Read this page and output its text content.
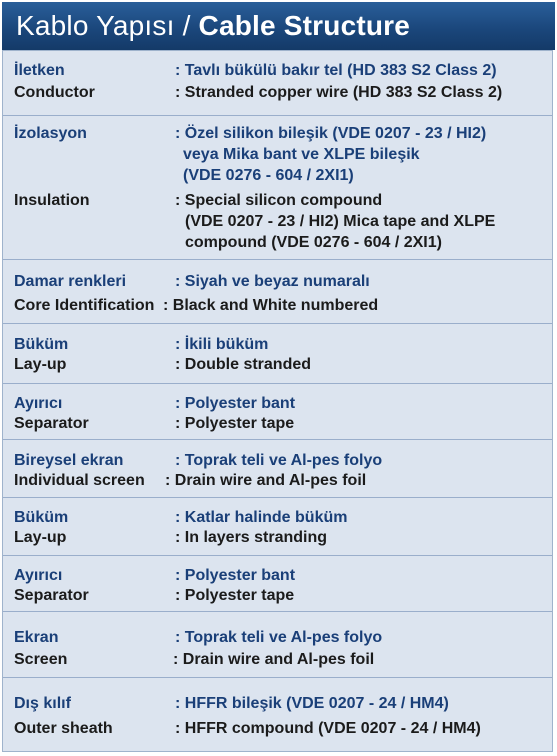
Kablo Yapısı / Cable Structure
İletken	: Tavlı bükülü bakır tel (HD 383 S2 Class 2)
Conductor	: Stranded copper wire (HD 383 S2 Class 2)
İzolasyon	: Özel silikon bileşik (VDE 0207 - 23 / HI2)
veya Mika bant ve XLPE bileşik
(VDE 0276 - 604 / 2XI1)
Insulation	: Special silicon compound
(VDE 0207 - 23 / HI2) Mica tape and XLPE
compound (VDE 0276 - 604 / 2XI1)
Damar renkleri	: Siyah ve beyaz numaralı
Core Identification : Black and White numbered
Büküm	: İkili büküm
Lay-up	: Double stranded
Ayırıcı	: Polyester bant
Separator	: Polyester tape
Bireysel ekran	: Toprak teli ve Al-pes folyo
Individual screen : Drain wire and Al-pes foil
Büküm	: Katlar halinde büküm
Lay-up	: In layers stranding
Ayırıcı	: Polyester bant
Separator	: Polyester tape
Ekran	: Toprak teli ve Al-pes folyo
Screen	: Drain wire and Al-pes foil
Dış kılıf	: HFFR bileşik (VDE 0207 - 24 / HM4)
Outer sheath	: HFFR compound (VDE 0207 - 24 / HM4)
